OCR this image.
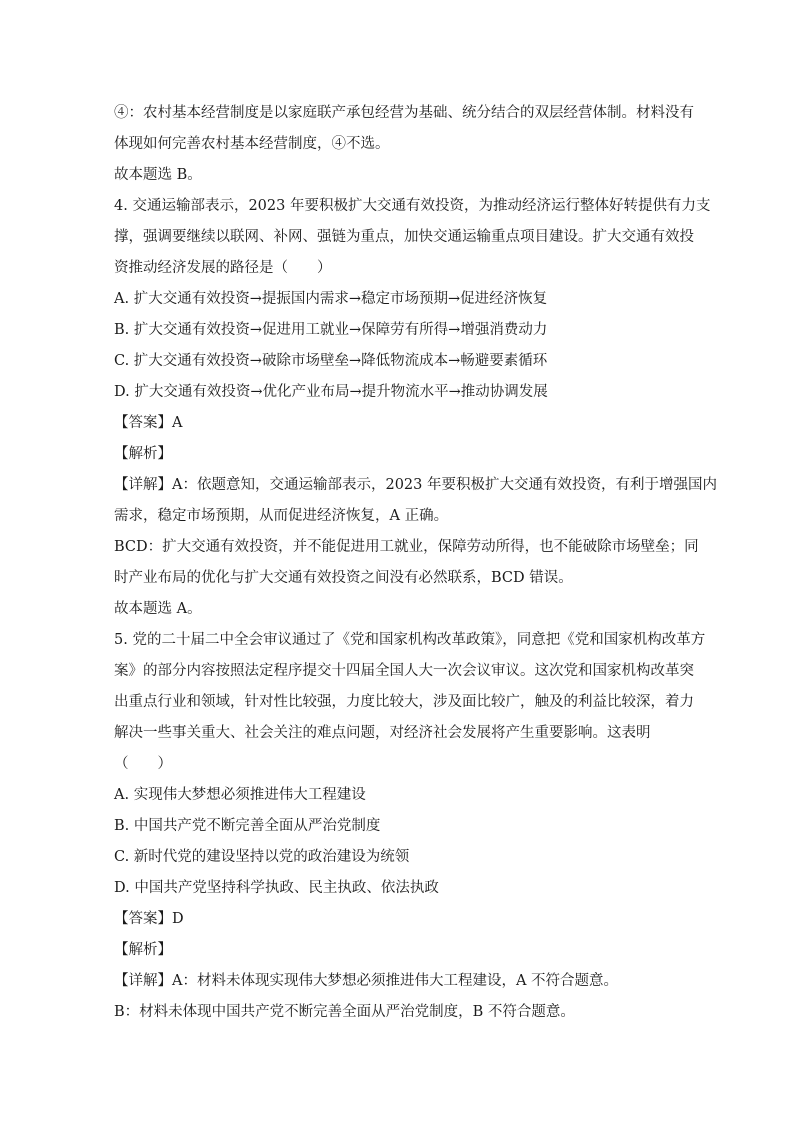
④：农村基本经营制度是以家庭联产承包经营为基础、统分结合的双层经营体制。材料没有
体现如何完善农村基本经营制度，④不选。
故本题选 B。
4. 交通运输部表示，2023 年要积极扩大交通有效投资，为推动经济运行整体好转提供有力支
撑，强调要继续以联网、补网、强链为重点，加快交通运输重点项目建设。扩大交通有效投
资推动经济发展的路径是（　　）
A. 扩大交通有效投资→提振国内需求→稳定市场预期→促进经济恢复
B. 扩大交通有效投资→促进用工就业→保障劳有所得→增强消费动力
C. 扩大交通有效投资→破除市场壁垒→降低物流成本→畅避要素循环
D. 扩大交通有效投资→优化产业布局→提升物流水平→推动协调发展
【答案】A
【解析】
【详解】A：依题意知，交通运输部表示，2023 年要积极扩大交通有效投资，有利于增强国内
需求，稳定市场预期，从而促进经济恢复，A 正确。
BCD：扩大交通有效投资，并不能促进用工就业，保障劳动所得，也不能破除市场壁垒；同
时产业布局的优化与扩大交通有效投资之间没有必然联系，BCD 错误。
故本题选 A。
5. 党的二十届二中全会审议通过了《党和国家机构改革政策》，同意把《党和国家机构改革方
案》的部分内容按照法定程序提交十四届全国人大一次会议审议。这次党和国家机构改革突
出重点行业和领域，针对性比较强，力度比较大，涉及面比较广，触及的利益比较深，着力
解决一些事关重大、社会关注的难点问题，对经济社会发展将产生重要影响。这表明
（　　）
A. 实现伟大梦想必须推进伟大工程建设
B. 中国共产党不断完善全面从严治党制度
C. 新时代党的建设坚持以党的政治建设为统领
D. 中国共产党坚持科学执政、民主执政、依法执政
【答案】D
【解析】
【详解】A：材料未体现实现伟大梦想必须推进伟大工程建设，A 不符合题意。
B：材料未体现中国共产党不断完善全面从严治党制度，B 不符合题意。
